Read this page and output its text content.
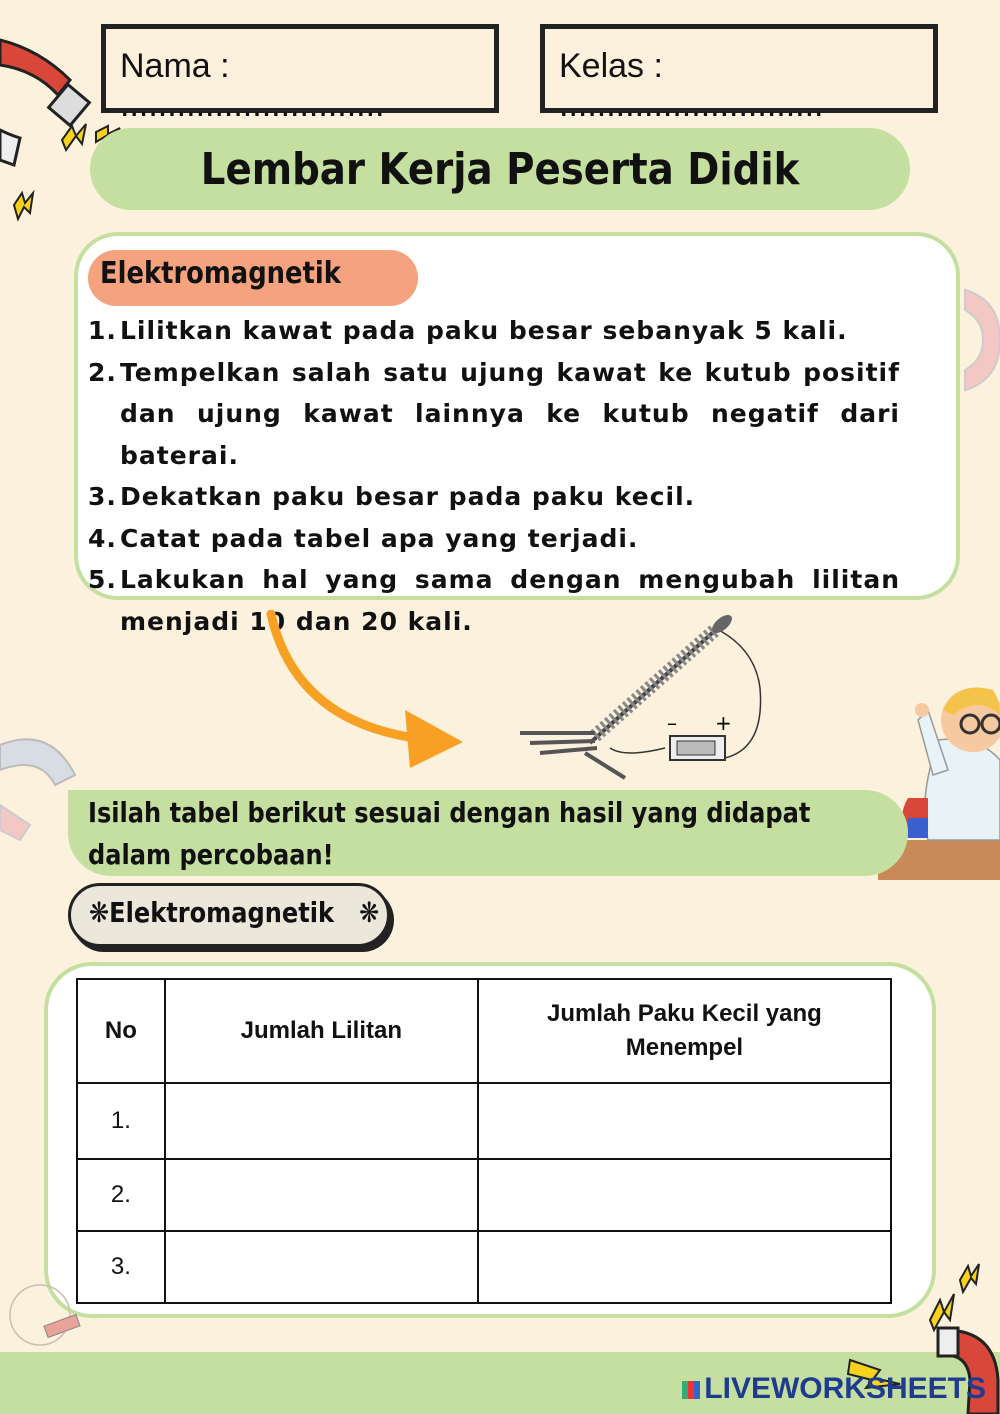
Nama : ............................
Kelas : ............................
Lembar Kerja Peserta Didik
Elektromagnetik
1. Lilitkan kawat pada paku besar sebanyak 5 kali.
2. Tempelkan salah satu ujung kawat ke kutub positif dan ujung kawat lainnya ke kutub negatif dari baterai.
3. Dekatkan paku besar pada paku kecil.
4. Catat pada tabel apa yang terjadi.
5. Lakukan hal yang sama dengan mengubah lilitan menjadi 10 dan 20 kali.
– +
Isilah tabel berikut sesuai dengan hasil yang didapat dalam percobaan!
❋Elektromagnetik   ❋
No	Jumlah Lilitan	Jumlah Paku Kecil yang Menempel
1.		
2.		
3.		
LIVEWORKSHEETS
